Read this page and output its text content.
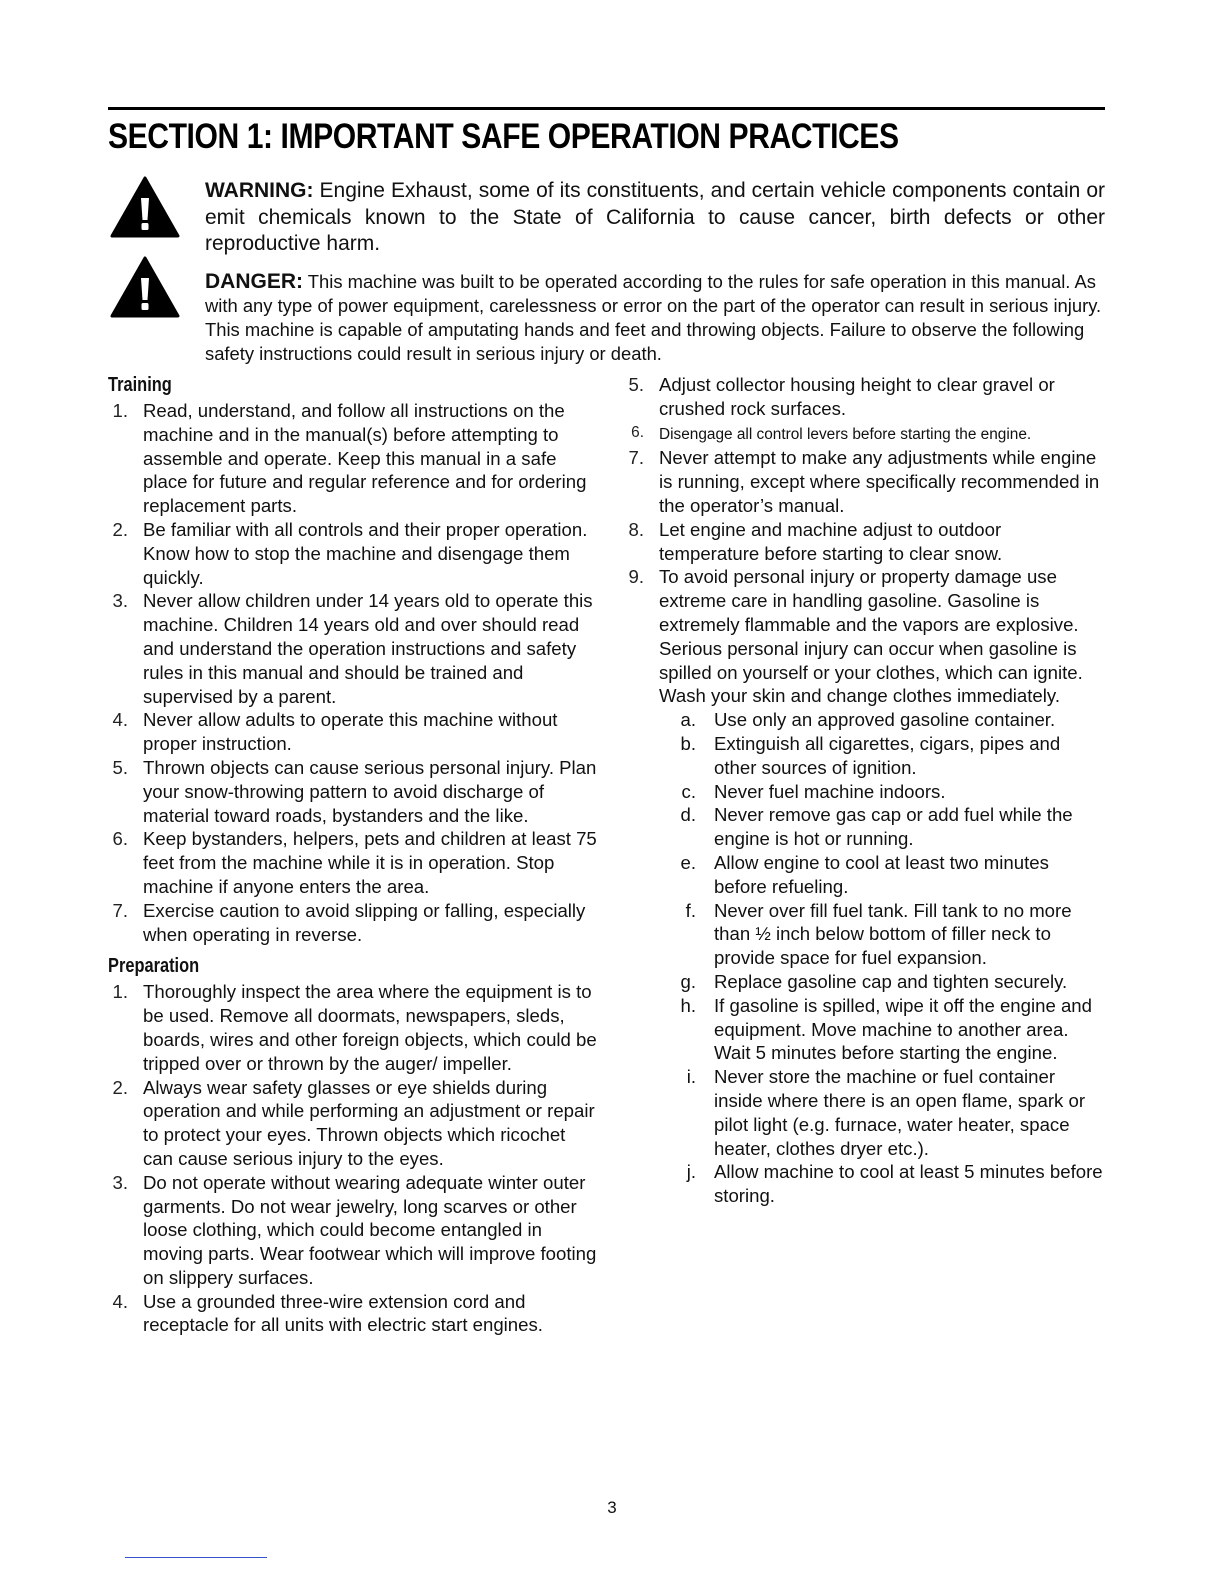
SECTION 1: IMPORTANT SAFE OPERATION PRACTICES
WARNING: Engine Exhaust, some of its constituents, and certain vehicle components contain or emit chemicals known to the State of California to cause cancer, birth defects or other reproductive harm.
DANGER: This machine was built to be operated according to the rules for safe operation in this manual. As with any type of power equipment, carelessness or error on the part of the operator can result in serious injury. This machine is capable of amputating hands and feet and throwing objects. Failure to observe the following safety instructions could result in serious injury or death.
Training
1 . Read, understand, and follow all instructions on the machine and in the manual(s) before attempting to assemble and operate. Keep this manual in a safe place for future and regular reference and for ordering replacement parts.
2 . Be familiar with all controls and their proper operation. Know how to stop the machine and disengage them quickly.
3 . Never allow children under 14 years old to operate this machine. Children 14 years old and over should read and understand the operation instructions and safety rules in this manual and should be trained and supervised by a parent.
4 . Never allow adults to operate this machine without proper instruction.
5 . Thrown objects can cause serious personal injury. Plan your snow-throwing pattern to avoid discharge of material toward roads, bystanders and the like.
6 . Keep bystanders, helpers, pets and children at least 75 feet from the machine while it is in operation. Stop machine if anyone enters the area.
7 . Exercise caution to avoid slipping or falling, especially when operating in reverse.
Preparation
1 . Thoroughly inspect the area where the equipment is to be used. Remove all doormats, newspapers, sleds, boards, wires and other foreign objects, which could be tripped over or thrown by the auger/ impeller.
2 . Always wear safety glasses or eye shields during operation and while performing an adjustment or repair to protect your eyes. Thrown objects which ricochet can cause serious injury to the eyes.
3 . Do not operate without wearing adequate winter outer garments. Do not wear jewelry, long scarves or other loose clothing, which could become entangled in moving parts. Wear footwear which will improve footing on slippery surfaces.
4 . Use a grounded three-wire extension cord and receptacle for all units with electric start engines.
5 . Adjust collector housing height to clear gravel or crushed rock surfaces.
6 . Disengage all control levers before starting the engine.
7 . Never attempt to make any adjustments while engine is running, except where specifically recommended in the operator’s manual.
8 . Let engine and machine adjust to outdoor temperature before starting to clear snow.
9 . To avoid personal injury or property damage use extreme care in handling gasoline. Gasoline is extremely flammable and the vapors are explosive. Serious personal injury can occur when gasoline is spilled on yourself or your clothes, which can ignite. Wash your skin and change clothes immediately.
a . Use only an approved gasoline container.
b . Extinguish all cigarettes, cigars, pipes and other sources of ignition.
c . Never fuel machine indoors.
d . Never remove gas cap or add fuel while the engine is hot or running.
e . Allow engine to cool at least two minutes before refueling.
f . Never over fill fuel tank. Fill tank to no more than ½ inch below bottom of filler neck to provide space for fuel expansion.
g . Replace gasoline cap and tighten securely.
h . If gasoline is spilled, wipe it off the engine and equipment. Move machine to another area. Wait 5 minutes before starting the engine.
i . Never store the machine or fuel container inside where there is an open flame, spark or pilot light (e.g. furnace, water heater, space heater, clothes dryer etc.).
j . Allow machine to cool at least 5 minutes before storing.
3
